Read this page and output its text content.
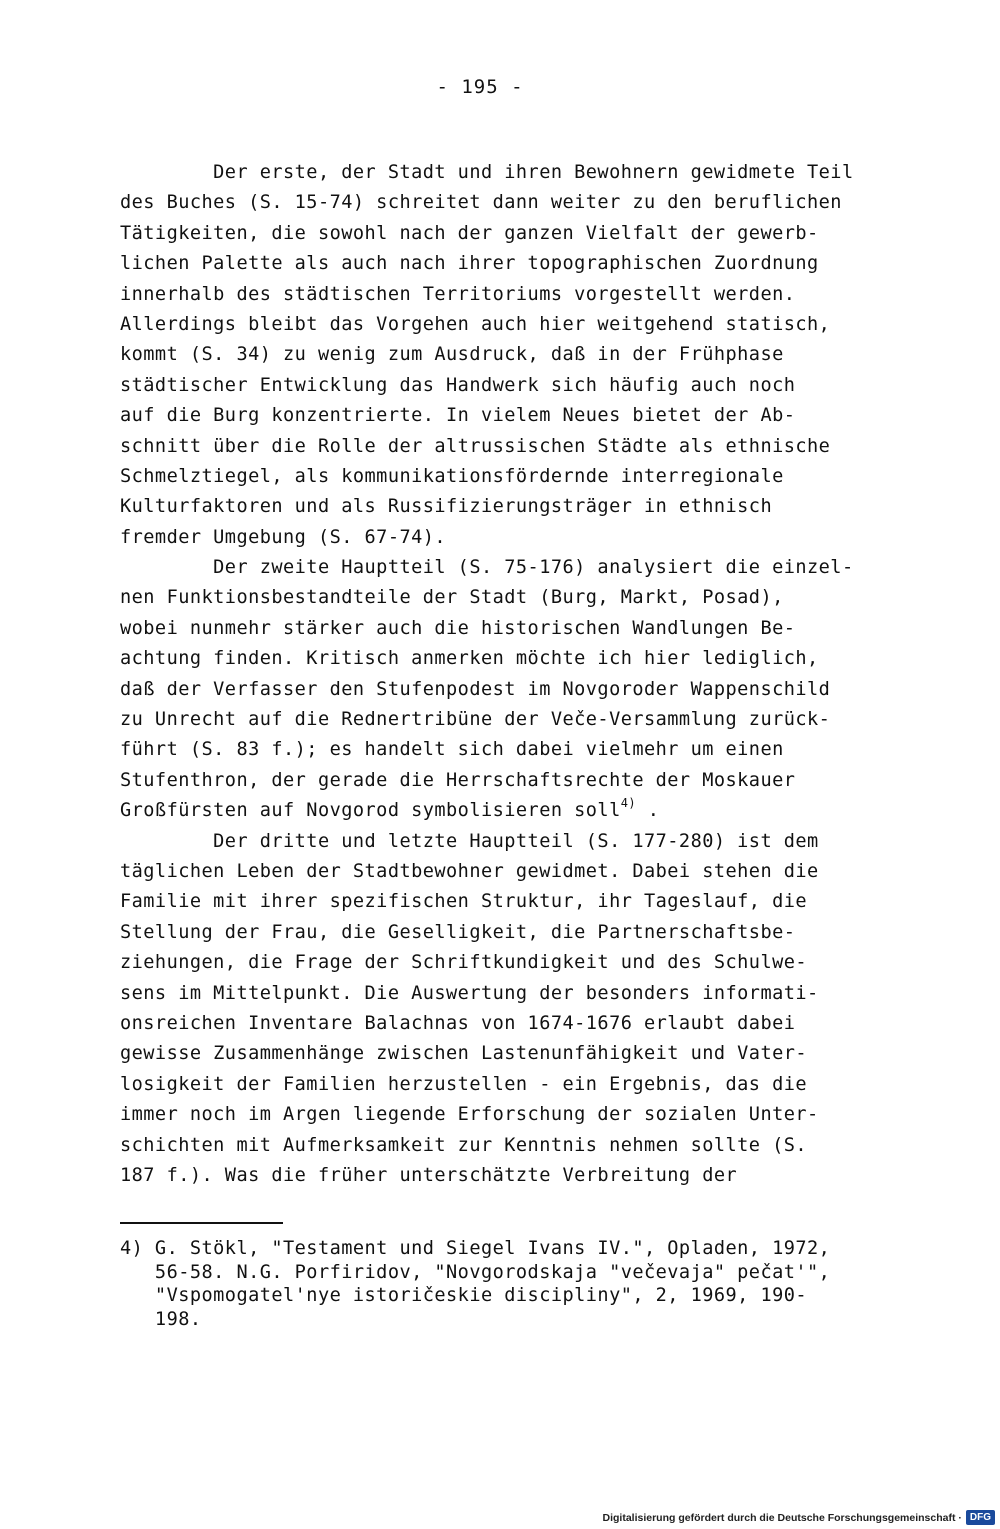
- 195 -
Der erste, der Stadt und ihren Bewohnern gewidmete Teil
des Buches (S. 15-74) schreitet dann weiter zu den beruflichen
Tätigkeiten, die sowohl nach der ganzen Vielfalt der gewerb-
lichen Palette als auch nach ihrer topographischen Zuordnung
innerhalb des städtischen Territoriums vorgestellt werden.
Allerdings bleibt das Vorgehen auch hier weitgehend statisch,
kommt (S. 34) zu wenig zum Ausdruck, daß in der Frühphase
städtischer Entwicklung das Handwerk sich häufig auch noch
auf die Burg konzentrierte. In vielem Neues bietet der Ab-
schnitt über die Rolle der altrussischen Städte als ethnische
Schmelztiegel, als kommunikationsfördernde interregionale
Kulturfaktoren und als Russifizierungsträger in ethnisch
fremder Umgebung (S. 67-74).
Der zweite Hauptteil (S. 75-176) analysiert die einzel-
nen Funktionsbestandteile der Stadt (Burg, Markt, Posad),
wobei nunmehr stärker auch die historischen Wandlungen Be-
achtung finden. Kritisch anmerken möchte ich hier lediglich,
daß der Verfasser den Stufenpodest im Novgoroder Wappenschild
zu Unrecht auf die Rednertribüne der Veče-Versammlung zurück-
führt (S. 83 f.); es handelt sich dabei vielmehr um einen
Stufenthron, der gerade die Herrschaftsrechte der Moskauer
Großfürsten auf Novgorod symbolisieren soll$^{4)}$ .
Der dritte und letzte Hauptteil (S. 177-280) ist dem
täglichen Leben der Stadtbewohner gewidmet. Dabei stehen die
Familie mit ihrer spezifischen Struktur, ihr Tageslauf, die
Stellung der Frau, die Geselligkeit, die Partnerschaftsbe-
ziehungen, die Frage der Schriftkundigkeit und des Schulwe-
sens im Mittelpunkt. Die Auswertung der besonders informati-
onsreichen Inventare Balachnas von 1674-1676 erlaubt dabei
gewisse Zusammenhänge zwischen Lastenunfähigkeit und Vater-
losigkeit der Familien herzustellen - ein Ergebnis, das die
immer noch im Argen liegende Erforschung der sozialen Unter-
schichten mit Aufmerksamkeit zur Kenntnis nehmen sollte (S.
187 f.). Was die früher unterschätzte Verbreitung der
4) G. Stökl, "Testament und Siegel Ivans IV.", Opladen, 1972,
56-58. N.G. Porfiridov, "Novgorodskaja "večevaja" pečat'",
"Vspomogatel'nye istoričeskie discipliny", 2, 1969, 190-
198.
Digitalisierung gefördert durch die Deutsche Forschungsgemeinschaft · DFG
